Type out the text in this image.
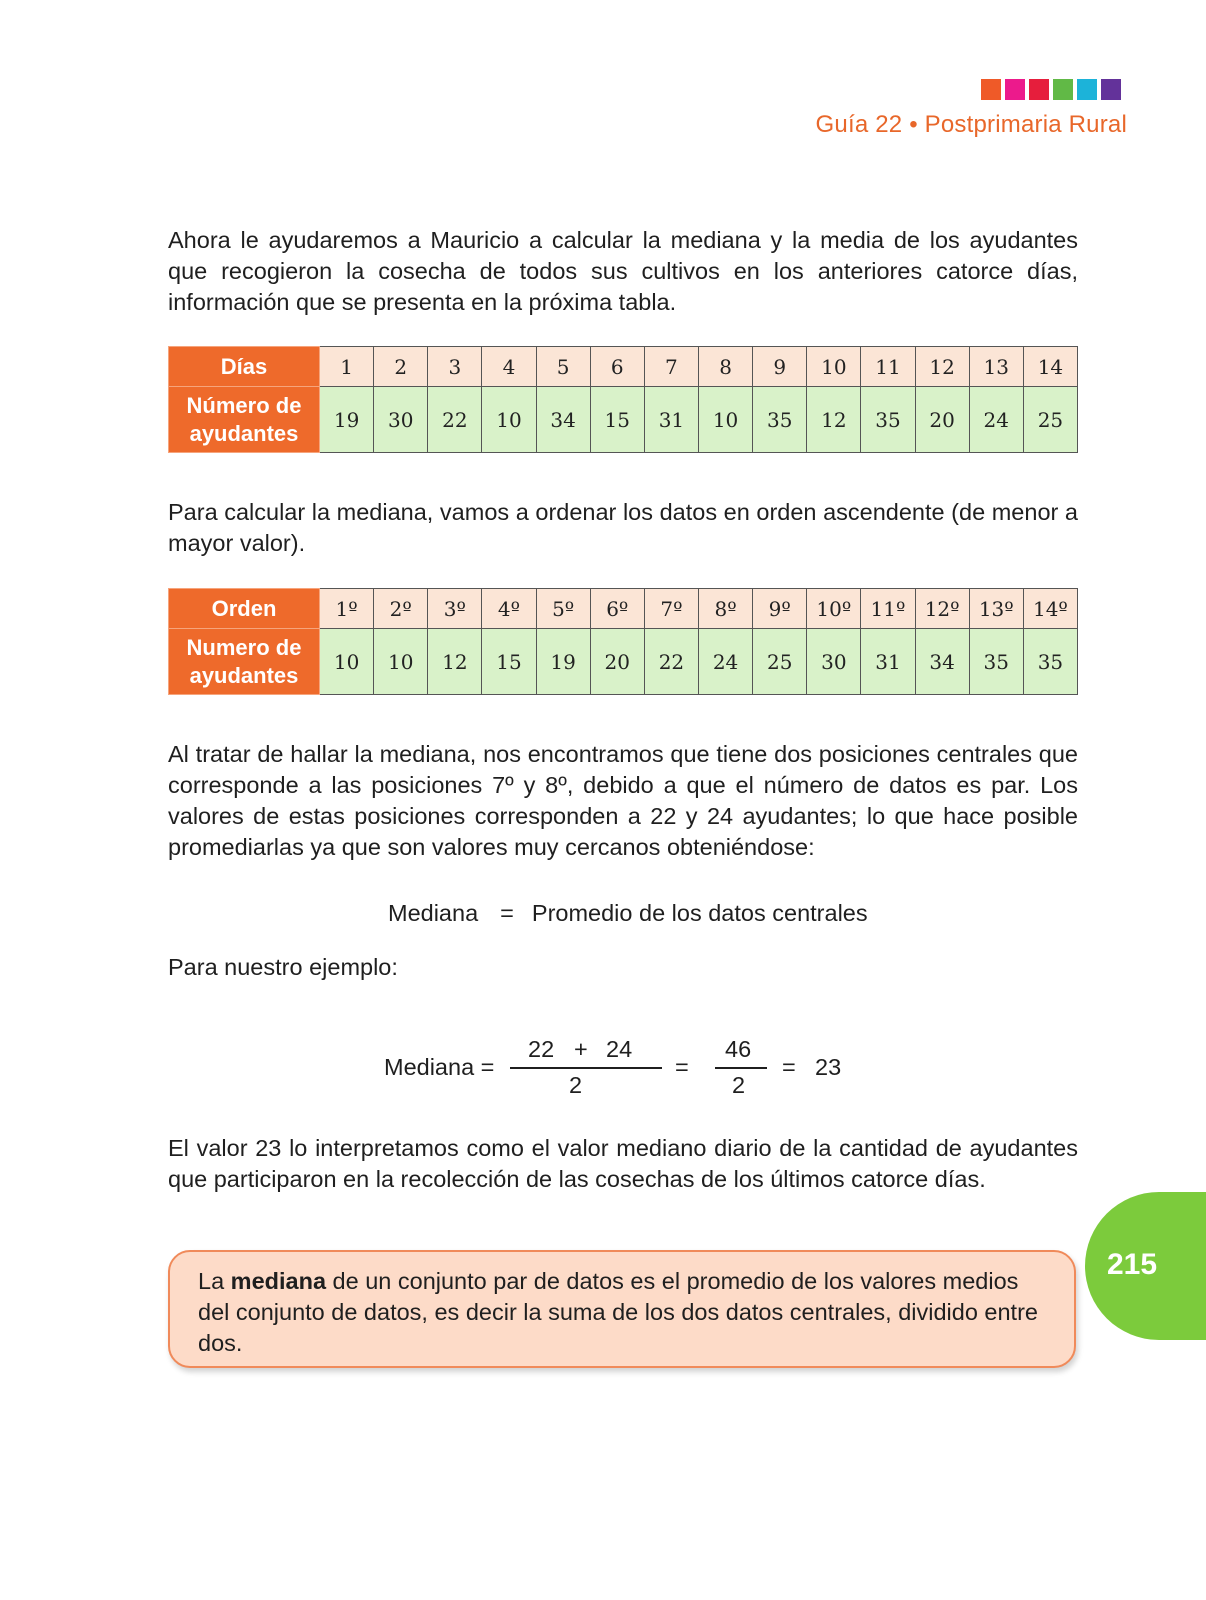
Guía 22 • Postprimaria Rural

Ahora le ayudaremos a Mauricio a calcular la mediana y la media de los ayudantes que recogieron la cosecha de todos sus cultivos en los anteriores catorce días, información que se presenta en la próxima tabla.

Días	1	2	3	4	5	6	7	8	9	10	11	12	13	14
Número de ayudantes	19	30	22	10	34	15	31	10	35	12	35	20	24	25

Para calcular la mediana, vamos a ordenar los datos en orden ascendente (de menor a mayor valor).

Orden	1º	2º	3º	4º	5º	6º	7º	8º	9º	10º	11º	12º	13º	14º
Numero de ayudantes	10	10	12	15	19	20	22	24	25	30	31	34	35	35

Al tratar de hallar la mediana, nos encontramos que tiene dos posiciones centrales que corresponde a las posiciones 7º y 8º, debido a que el número de datos es par. Los valores de estas posiciones corresponden a 22 y 24 ayudantes; lo que hace posible promediarlas ya que son valores muy cercanos obteniéndose:

Mediana = Promedio de los datos centrales

Para nuestro ejemplo:

Mediana =
22 + 24
2
=
46
2
= 23

El valor 23 lo interpretamos como el valor mediano diario de la cantidad de ayudantes que participaron en la recolección de las cosechas de los últimos catorce días.

215
La mediana de un conjunto par de datos es el promedio de los valores medios del conjunto de datos, es decir la suma de los dos datos centrales, dividido entre dos.
